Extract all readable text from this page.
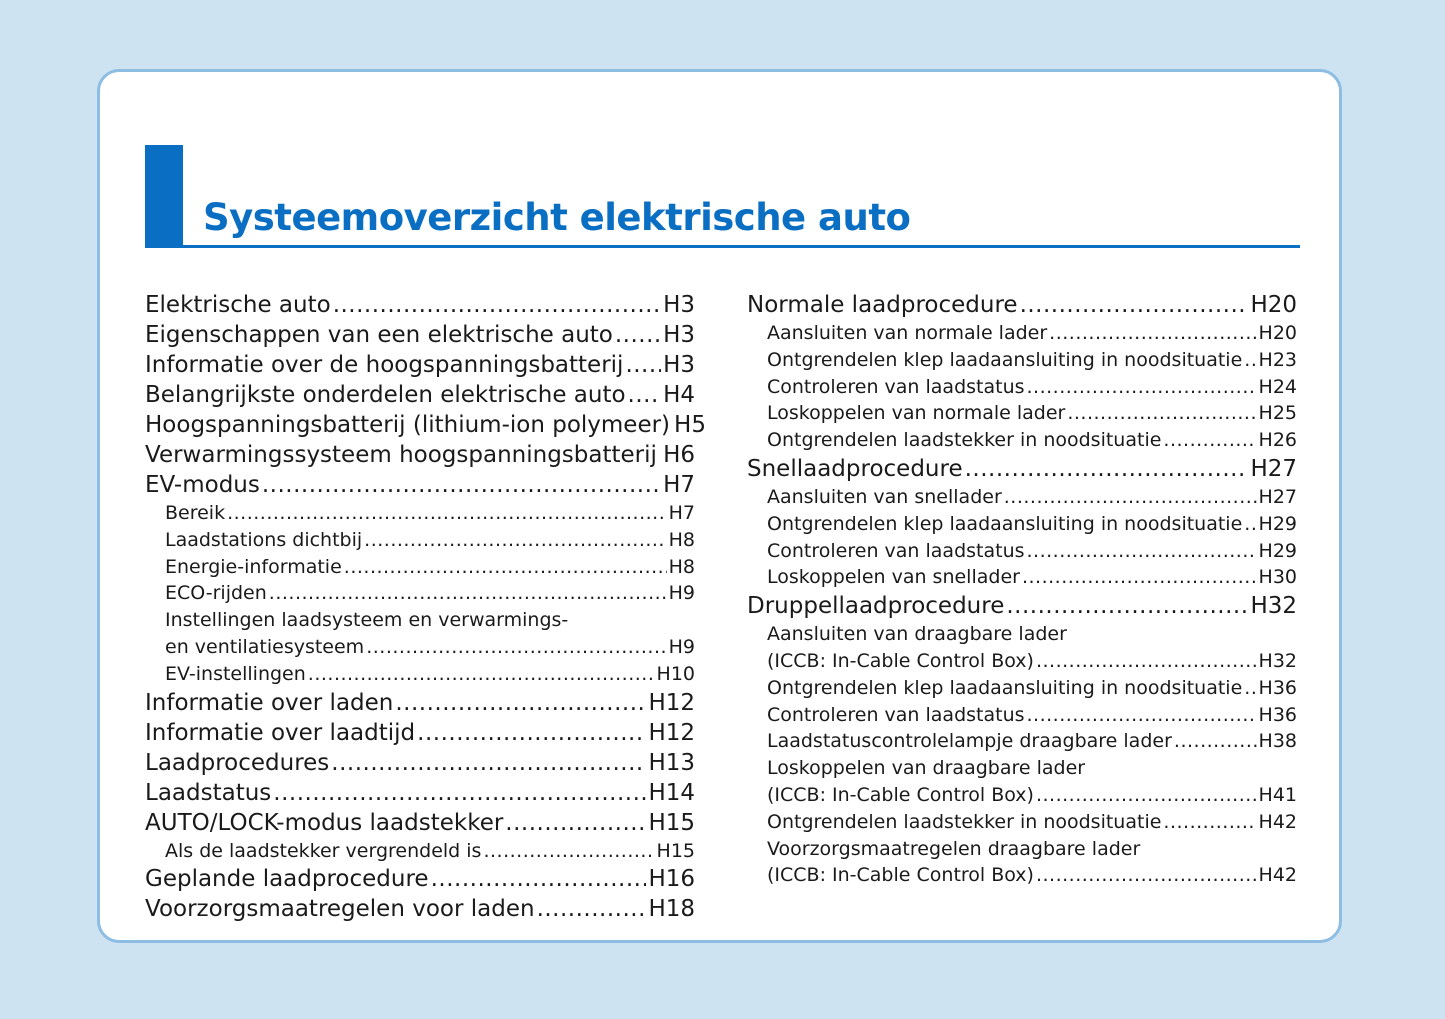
Systeemoverzicht elektrische auto
Elektrische auto .....	H3
Eigenschappen van een elektrische auto ..... H3
Informatie over de hoogspanningsbatterij ..... H3
Belangrijkste onderdelen elektrische auto ..... H4
Hoogspanningsbatterij (lithium-ion polymeer) H5
Verwarmingssysteem hoogspanningsbatterij ..... H6
EV-modus .....	H7
Bereik .....	H7
Laadstations dichtbij .....	H8
Energie-informatie .....	H8
ECO-rijden .....	H9
Instellingen laadsysteem en verwarmings-
en ventilatiesysteem .....	H9
EV-instellingen .....	H10
Informatie over laden .....	H12
Informatie over laadtijd .....	H12
Laadprocedures .....	H13
Laadstatus .....	H14
AUTO/LOCK-modus laadstekker .....	H15
Als de laadstekker vergrendeld is .....	H15
Geplande laadprocedure .....	H16
Voorzorgsmaatregelen voor laden .....	H18
Normale laadprocedure .....	H20
Aansluiten van normale lader .....	H20
Ontgrendelen klep laadaansluiting in noodsituatie ..... H23
Controleren van laadstatus .....	H24
Loskoppelen van normale lader .....	H25
Ontgrendelen laadstekker in noodsituatie .....	H26
Snellaadprocedure .....	H27
Aansluiten van snellader .....	H27
Ontgrendelen klep laadaansluiting in noodsituatie ..... H29
Controleren van laadstatus .....	H29
Loskoppelen van snellader .....	H30
Druppellaadprocedure .....	H32
Aansluiten van draagbare lader
(ICCB: In-Cable Control Box) .....	H32
Ontgrendelen klep laadaansluiting in noodsituatie ..... H36
Controleren van laadstatus .....	H36
Laadstatuscontrolelampje draagbare lader .....	H38
Loskoppelen van draagbare lader
(ICCB: In-Cable Control Box) .....	H41
Ontgrendelen laadstekker in noodsituatie .....	H42
Voorzorgsmaatregelen draagbare lader
(ICCB: In-Cable Control Box) .....	H42
